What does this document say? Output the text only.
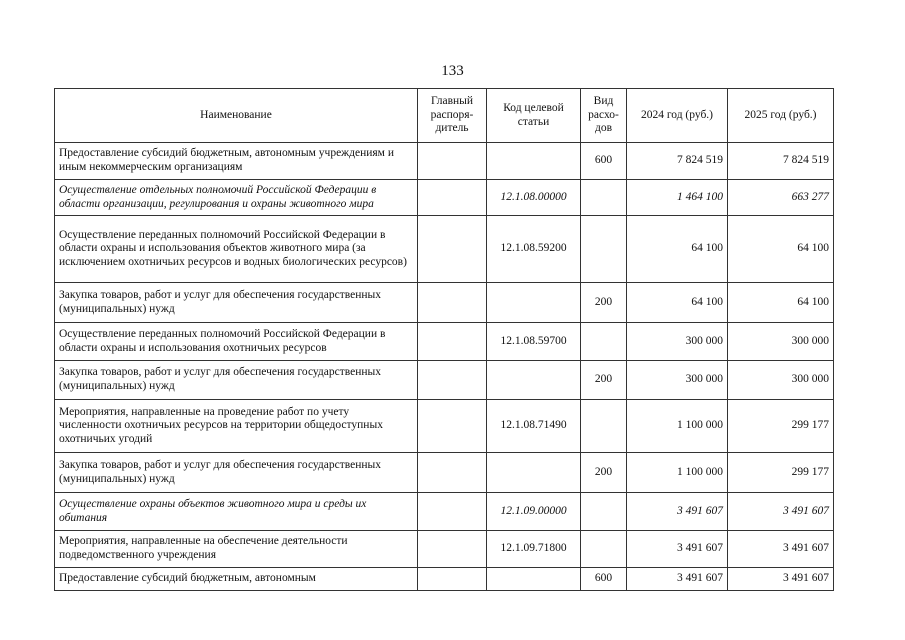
133
Наименование	Главный распоря-дитель	Код целевой статьи	Вид расхо-дов	2024 год (руб.)	2025 год (руб.)
Предоставление субсидий бюджетным, автономным учреждениям и иным некоммерческим организациям			600	7 824 519	7 824 519
Осуществление отдельных полномочий Российской Федерации в области организации, регулирования и охраны животного мира		12.1.08.00000		1 464 100	663 277
Осуществление переданных полномочий Российской Федерации в области охраны и использования объектов животного мира (за исключением охотничьих ресурсов и водных биологических ресурсов)		12.1.08.59200		64 100	64 100
Закупка товаров, работ и услуг для обеспечения государственных (муниципальных) нужд			200	64 100	64 100
Осуществление переданных полномочий Российской Федерации в области охраны и использования охотничьих ресурсов		12.1.08.59700		300 000	300 000
Закупка товаров, работ и услуг для обеспечения государственных (муниципальных) нужд			200	300 000	300 000
Мероприятия, направленные на проведение работ по учету численности охотничьих ресурсов на территории общедоступных охотничьих угодий		12.1.08.71490		1 100 000	299 177
Закупка товаров, работ и услуг для обеспечения государственных (муниципальных) нужд			200	1 100 000	299 177
Осуществление охраны объектов животного мира и среды их обитания		12.1.09.00000		3 491 607	3 491 607
Мероприятия, направленные на обеспечение деятельности подведомственного учреждения		12.1.09.71800		3 491 607	3 491 607
Предоставление субсидий бюджетным, автономным			600	3 491 607	3 491 607
